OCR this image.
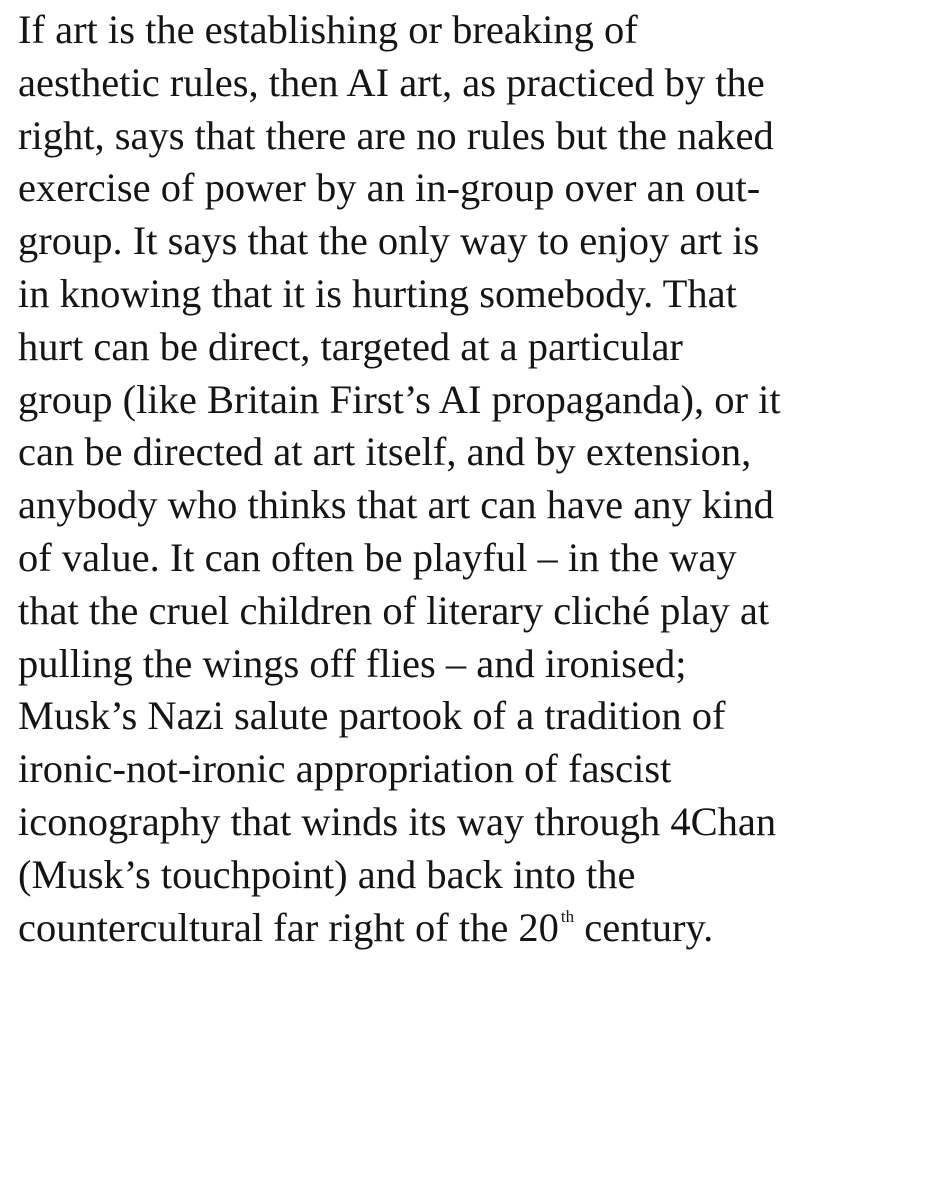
If art is the establishing or breaking of
aesthetic rules, then AI art, as practiced by the
right, says that there are no rules but the naked
exercise of power by an in-group over an out-
group. It says that the only way to enjoy art is
in knowing that it is hurting somebody. That
hurt can be direct, targeted at a particular
group (like Britain First’s AI propaganda), or it
can be directed at art itself, and by extension,
anybody who thinks that art can have any kind
of value. It can often be playful – in the way
that the cruel children of literary cliché play at
pulling the wings off flies – and ironised;
Musk’s Nazi salute partook of a tradition of
ironic-not-ironic appropriation of fascist
iconography that winds its way through 4Chan
(Musk’s touchpoint) and back into the
countercultural far right of the 20 $^{th}$ century.
